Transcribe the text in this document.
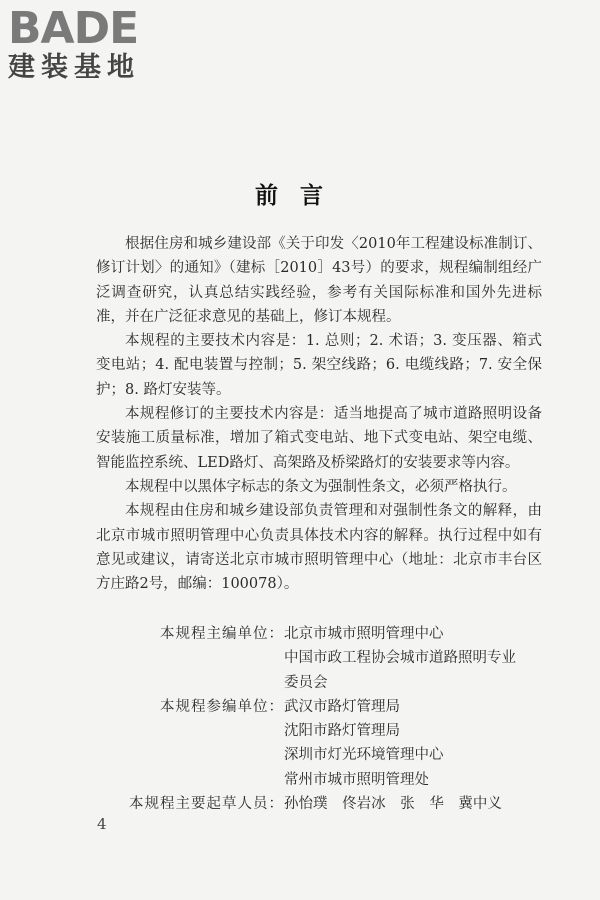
BADE
建装基地
前言

根据住房和城乡建设部《关于印发〈2010年工程建设标准制订、修订计划〉的通知》（建标［2010］43号）的要求，规程编制组经广泛调查研究，认真总结实践经验，参考有关国际标准和国外先进标准，并在广泛征求意见的基础上，修订本规程。

本规程的主要技术内容是：1. 总则；2. 术语；3. 变压器、箱式变电站；4. 配电装置与控制；5. 架空线路；6. 电缆线路；7. 安全保护；8. 路灯安装等。

本规程修订的主要技术内容是：适当地提高了城市道路照明设备安装施工质量标准，增加了箱式变电站、地下式变电站、架空电缆、智能监控系统、LED路灯、高架路及桥梁路灯的安装要求等内容。

本规程中以黑体字标志的条文为强制性条文，必须严格执行。

本规程由住房和城乡建设部负责管理和对强制性条文的解释，由北京市城市照明管理中心负责具体技术内容的解释。执行过程中如有意见或建议，请寄送北京市城市照明管理中心（地址：北京市丰台区方庄路2号，邮编：100078）。

本规程主编单位： 北京市城市照明管理中心
中国市政工程协会城市道路照明专业
委员会
本规程参编单位： 武汉市路灯管理局
沈阳市路灯管理局
深圳市灯光环境管理中心
常州市城市照明管理处
本规程主要起草人员： 孙怡璞 佟岩冰 张 华 冀中义
4
